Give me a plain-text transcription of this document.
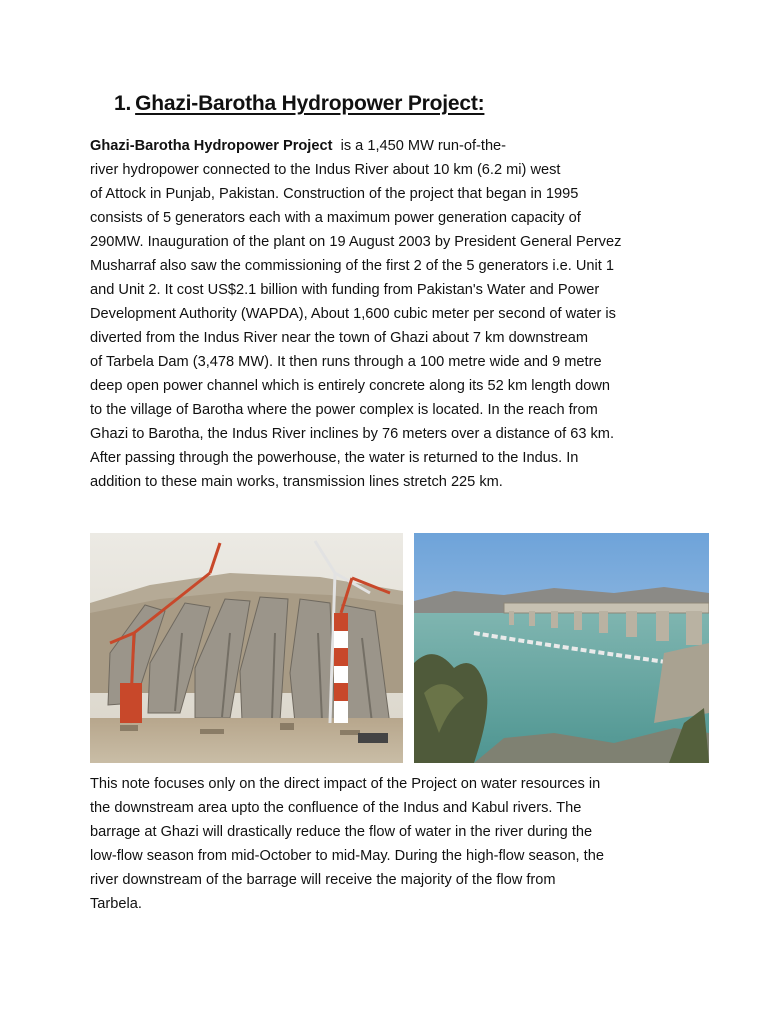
1. Ghazi-Barotha Hydropower Project:
Ghazi-Barotha Hydropower Project  is a 1,450 MW run-of-the-
river hydropower connected to the Indus River about 10 km (6.2 mi) west
of Attock in Punjab, Pakistan. Construction of the project that began in 1995
consists of 5 generators each with a maximum power generation capacity of
290MW. Inauguration of the plant on 19 August 2003 by President General Pervez
Musharraf also saw the commissioning of the first 2 of the 5 generators i.e. Unit 1
and Unit 2. It cost US$2.1 billion with funding from Pakistan's Water and Power
Development Authority (WAPDA), About 1,600 cubic meter per second of water is
diverted from the Indus River near the town of Ghazi about 7 km downstream
of Tarbela Dam (3,478 MW). It then runs through a 100 metre wide and 9 metre
deep open power channel which is entirely concrete along its 52 km length down
to the village of Barotha where the power complex is located. In the reach from
Ghazi to Barotha, the Indus River inclines by 76 meters over a distance of 63 km.
After passing through the powerhouse, the water is returned to the Indus. In
addition to these main works, transmission lines stretch 225 km.
This note focuses only on the direct impact of the Project on water resources in
the downstream area upto the confluence of the Indus and Kabul rivers. The
barrage at Ghazi will drastically reduce the flow of water in the river during the
low-flow season from mid-October to mid-May. During the high-flow season, the
river downstream of the barrage will receive the majority of the flow from
Tarbela.
